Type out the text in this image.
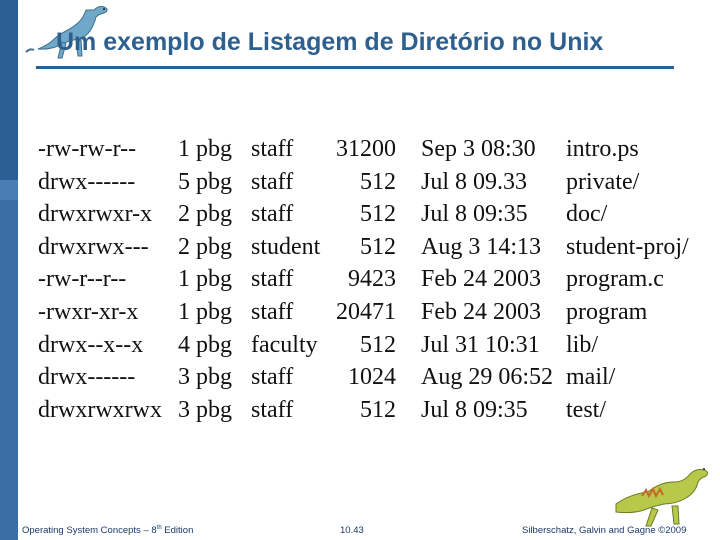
Um exemplo de Listagem de Diretório no Unix
-rw-rw-r-- 1 pbg staff	31200 Sep 3 08:30 intro.ps
drwx------ 5 pbg staff	512 Jul 8 09.33 private/
drwxrwxr-x 2 pbg staff	512 Jul 8 09:35 doc/
drwxrwx--- 2 pbg student	512 Aug 3 14:13 student-proj/
-rw-r--r-- 1 pbg staff	9423 Feb 24 2003 program.c
-rwxr-xr-x 1 pbg staff	20471 Feb 24 2003 program
drwx--x--x 4 pbg faculty	512 Jul 31 10:31 lib/
drwx------ 3 pbg staff	1024 Aug 29 06:52 mail/
drwxrwxrwx 3 pbg staff	512 Jul 8 09:35 test/
Operating System Concepts – 8th Edition	10.43	Silberschatz, Galvin and Gagne ©2009
